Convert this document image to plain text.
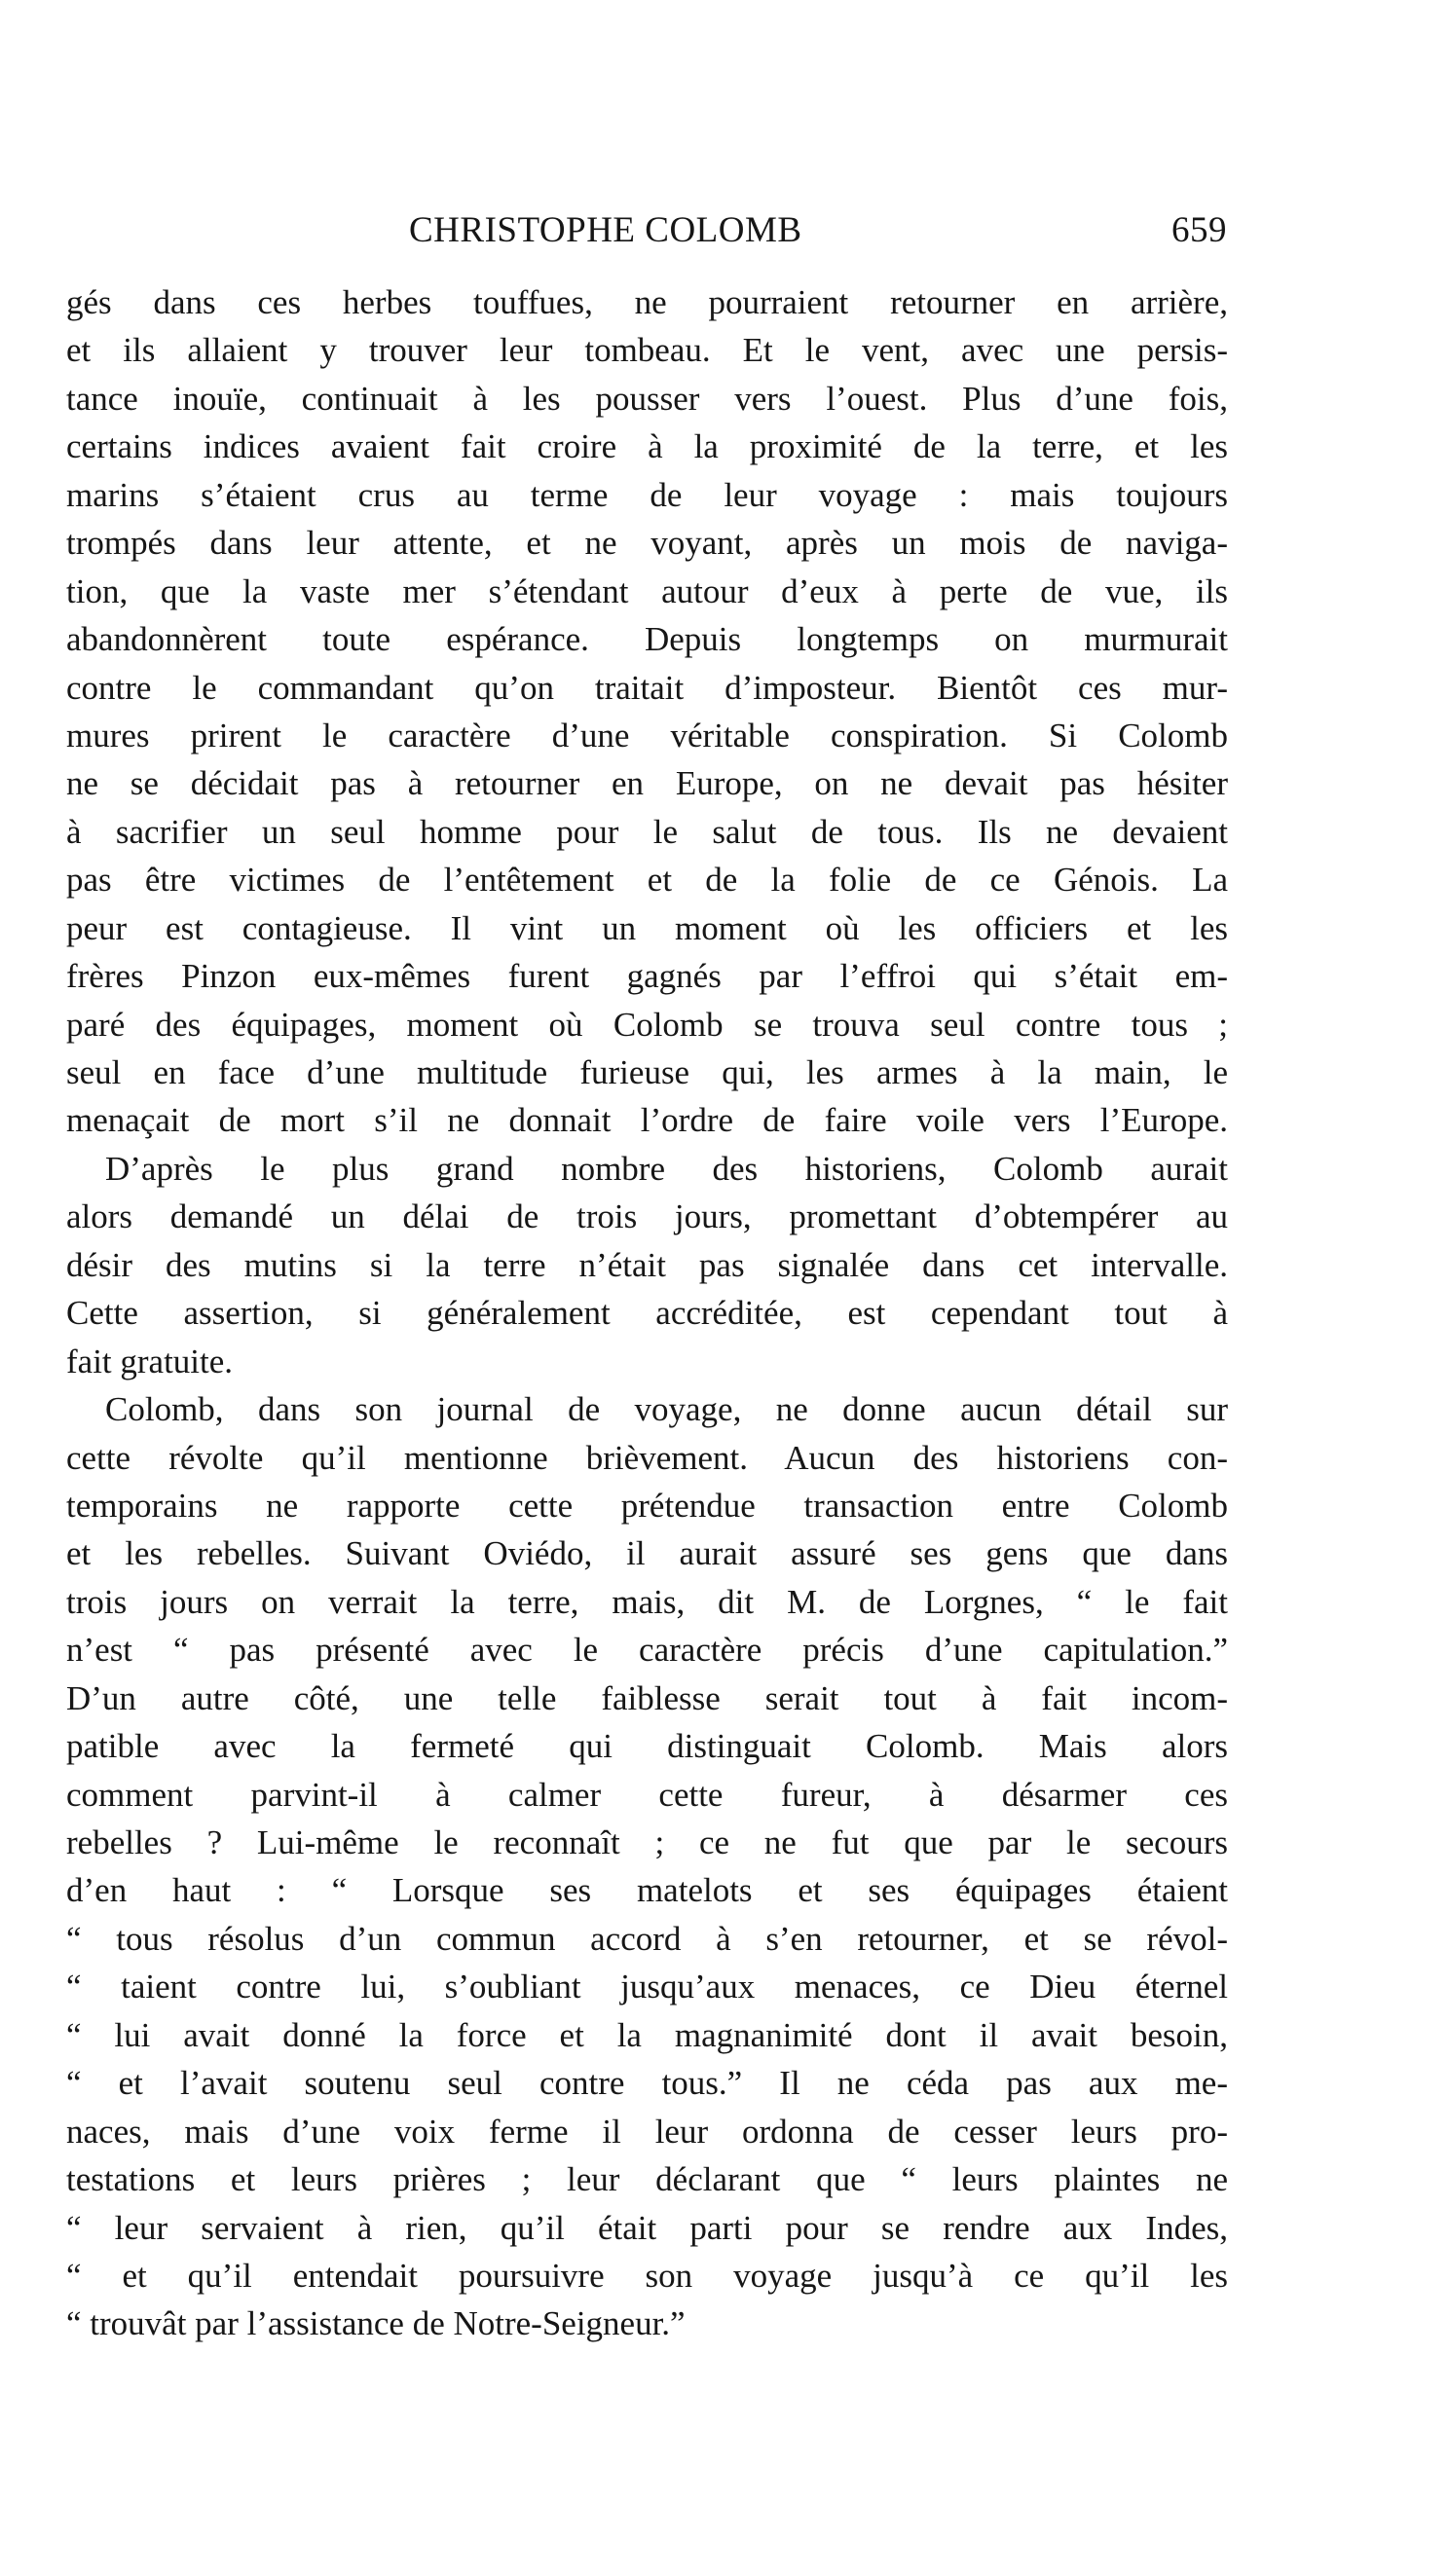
CHRISTOPHE COLOMB	659
gés dans ces herbes touffues, ne pourraient retourner en arrière,
et ils allaient y trouver leur tombeau. Et le vent, avec une persis-
tance inouïe, continuait à les pousser vers l’ouest. Plus d’une fois,
certains indices avaient fait croire à la proximité de la terre, et les
marins s’étaient crus au terme de leur voyage : mais toujours
trompés dans leur attente, et ne voyant, après un mois de naviga-
tion, que la vaste mer s’étendant autour d’eux à perte de vue, ils
abandonnèrent toute espérance. Depuis longtemps on murmurait
contre le commandant qu’on traitait d’imposteur. Bientôt ces mur-
mures prirent le caractère d’une véritable conspiration. Si Colomb
ne se décidait pas à retourner en Europe, on ne devait pas hésiter
à sacrifier un seul homme pour le salut de tous. Ils ne devaient
pas être victimes de l’entêtement et de la folie de ce Génois. La
peur est contagieuse. Il vint un moment où les officiers et les
frères Pinzon eux-mêmes furent gagnés par l’effroi qui s’était em-
paré des équipages, moment où Colomb se trouva seul contre tous ;
seul en face d’une multitude furieuse qui, les armes à la main, le
menaçait de mort s’il ne donnait l’ordre de faire voile vers l’Europe.
D’après le plus grand nombre des historiens, Colomb aurait
alors demandé un délai de trois jours, promettant d’obtempérer au
désir des mutins si la terre n’était pas signalée dans cet intervalle.
Cette assertion, si généralement accréditée, est cependant tout à
fait gratuite.
Colomb, dans son journal de voyage, ne donne aucun détail sur
cette révolte qu’il mentionne brièvement. Aucun des historiens con-
temporains ne rapporte cette prétendue transaction entre Colomb
et les rebelles. Suivant Oviédo, il aurait assuré ses gens que dans
trois jours on verrait la terre, mais, dit M. de Lorgnes, “ le fait
n’est “ pas présenté avec le caractère précis d’une capitulation.”
D’un autre côté, une telle faiblesse serait tout à fait incom-
patible avec la fermeté qui distinguait Colomb. Mais alors
comment parvint-il à calmer cette fureur, à désarmer ces
rebelles ? Lui-même le reconnaît ; ce ne fut que par le secours
d’en haut : “ Lorsque ses matelots et ses équipages étaient
“ tous résolus d’un commun accord à s’en retourner, et se révol-
“ taient contre lui, s’oubliant jusqu’aux menaces, ce Dieu éternel
“ lui avait donné la force et la magnanimité dont il avait besoin,
“ et l’avait soutenu seul contre tous.” Il ne céda pas aux me-
naces, mais d’une voix ferme il leur ordonna de cesser leurs pro-
testations et leurs prières ; leur déclarant que “ leurs plaintes ne
“ leur servaient à rien, qu’il était parti pour se rendre aux Indes,
“ et qu’il entendait poursuivre son voyage jusqu’à ce qu’il les
“ trouvât par l’assistance de Notre-Seigneur.”
